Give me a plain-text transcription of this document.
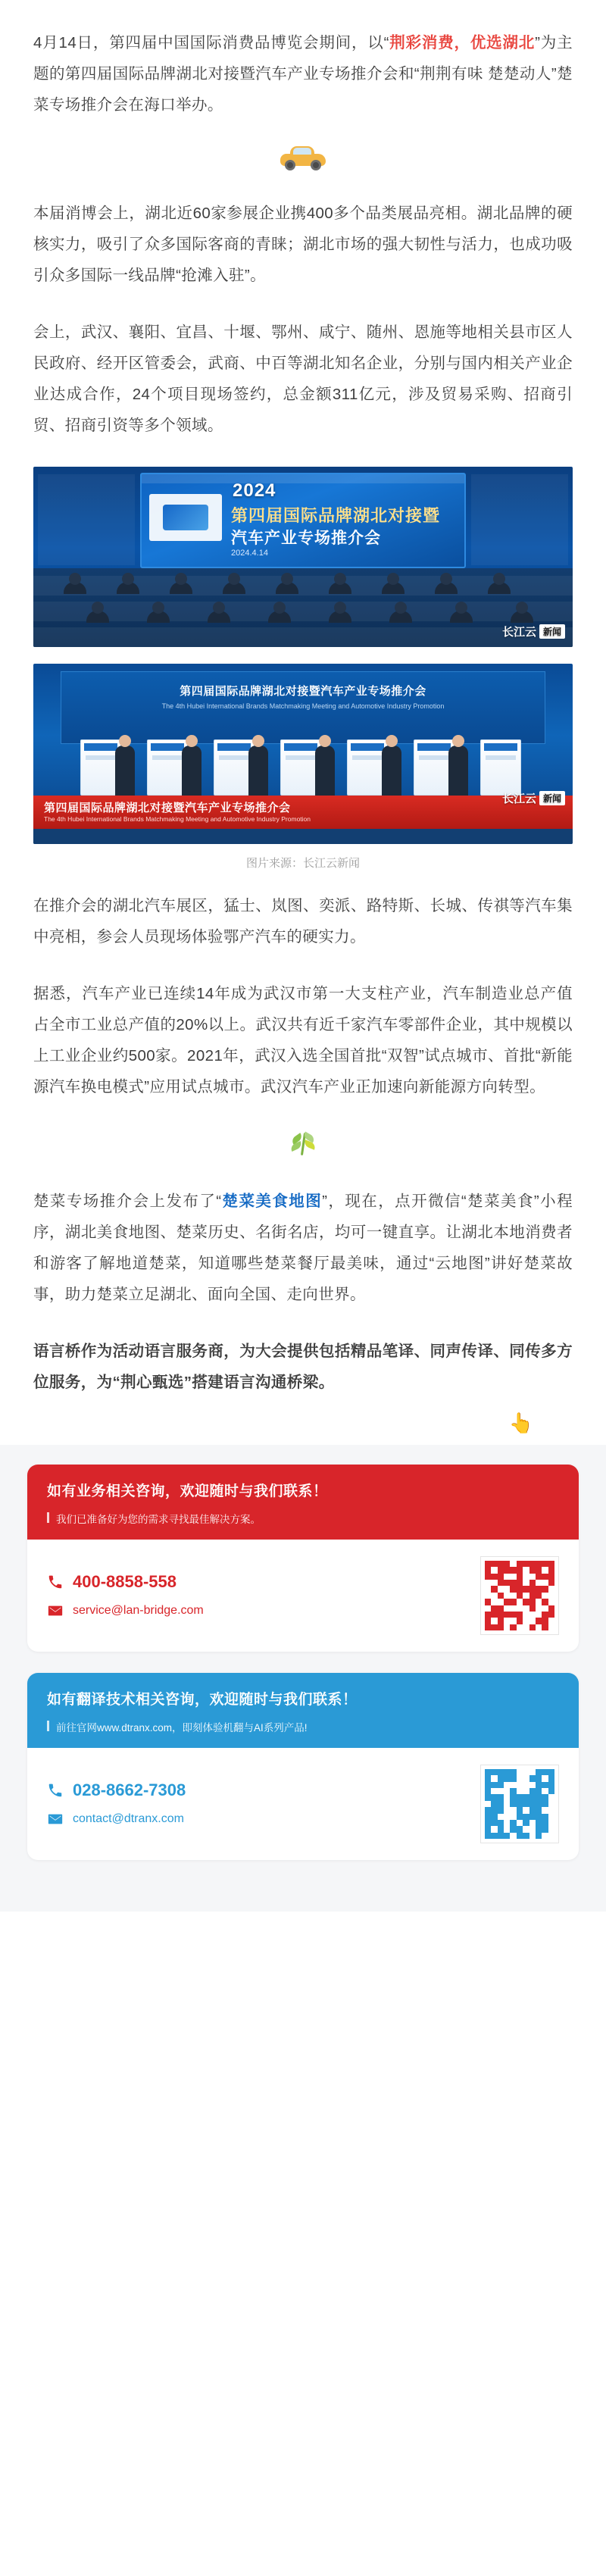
4月14日，第四届中国国际消费品博览会期间，以“荆彩消费，优选湖北”为主题的第四届国际品牌湖北对接暨汽车产业专场推介会和“荆荆有味 楚楚动人”楚菜专场推介会在海口举办。

本届消博会上，湖北近60家参展企业携400多个品类展品亮相。湖北品牌的硬核实力，吸引了众多国际客商的青睐；湖北市场的强大韧性与活力，也成功吸引众多国际一线品牌“抢滩入驻”。

会上，武汉、襄阳、宜昌、十堰、鄂州、咸宁、随州、恩施等地相关县市区人民政府、经开区管委会，武商、中百等湖北知名企业，分别与国内相关产业企业达成合作，24个项目现场签约，总金额311亿元，涉及贸易采购、招商引贸、招商引资等多个领域。

2024
第四届国际品牌湖北对接暨
汽车产业专场推介会
2024.4.14
长江云 新闻
第四届国际品牌湖北对接暨汽车产业专场推介会
The 4th Hubei International Brands Matchmaking Meeting and Automotive Industry Promotion
第四届国际品牌湖北对接暨汽车产业专场推介会
The 4th Hubei International Brands Matchmaking Meeting and Automotive Industry Promotion
长江云 新闻
图片来源：长江云新闻

在推介会的湖北汽车展区，猛士、岚图、奕派、路特斯、长城、传祺等汽车集中亮相，参会人员现场体验鄂产汽车的硬实力。

据悉，汽车产业已连续14年成为武汉市第一大支柱产业，汽车制造业总产值占全市工业总产值的20%以上。武汉共有近千家汽车零部件企业，其中规模以上工业企业约500家。2021年，武汉入选全国首批“双智”试点城市、首批“新能源汽车换电模式”应用试点城市。武汉汽车产业正加速向新能源方向转型。

楚菜专场推介会上发布了“楚菜美食地图”，现在，点开微信“楚菜美食”小程序，湖北美食地图、楚菜历史、名街名店，均可一键直享。让湖北本地消费者和游客了解地道楚菜，知道哪些楚菜餐厅最美味，通过“云地图”讲好楚菜故事，助力楚菜立足湖北、面向全国、走向世界。

语言桥作为活动语言服务商，为大会提供包括精品笔译、同声传译、同传多方位服务，为“荆心甄选”搭建语言沟通桥梁。

👆
如有业务相关咨询，欢迎随时与我们联系！
我们已准备好为您的需求寻找最佳解决方案。
400-8858-558
service@lan-bridge.com
如有翻译技术相关咨询，欢迎随时与我们联系！
前往官网www.dtranx.com，即刻体验机翻与AI系列产品!
028-8662-7308
contact@dtranx.com
